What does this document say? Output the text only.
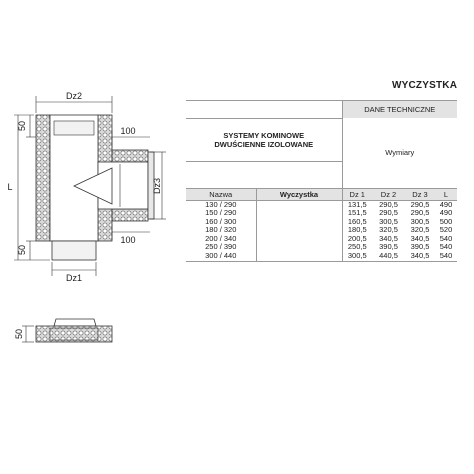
WYCZYSTKA
Dz2
L
50
50
100
100
Dz3
Dz1
50
		DANE TECHNICZNE			
		Wymiary			

SYSTEMY KOMINOWE
DWUŚCIENNE IZOLOWANE					

Nazwa	Wyczystka	Dz 1	Dz 2	Dz 3	L
130 / 290		131,5	290,5	290,5	490
150 / 290		151,5	290,5	290,5	490
160 / 300		160,5	300,5	300,5	500
180 / 320		180,5	320,5	320,5	520
200 / 340		200,5	340,5	340,5	540
250 / 390		250,5	390,5	390,5	540
300 / 440		300,5	440,5	340,5	540
